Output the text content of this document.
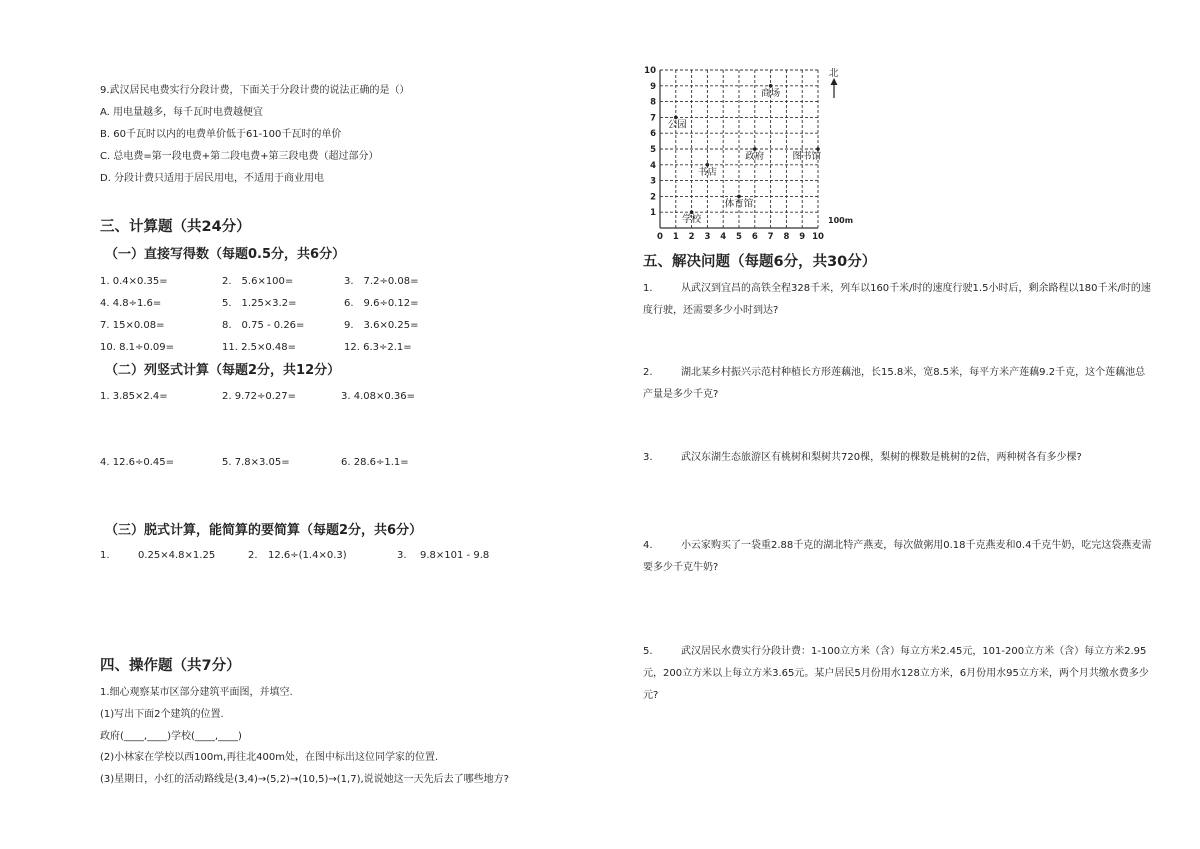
9.武汉居民电费实行分段计费，下面关于分段计费的说法正确的是（）
A. 用电量越多，每千瓦时电费越便宜
B. 60千瓦时以内的电费单价低于61-100千瓦时的单价
C. 总电费=第一段电费+第二段电费+第三段电费（超过部分）
D. 分段计费只适用于居民用电，不适用于商业用电
三、计算题（共24分）
（一）直接写得数（每题0.5分，共6分）
1. 0.4×0.35=	2.　5.6×100=	3.　7.2÷0.08=
4. 4.8÷1.6=	5.　1.25×3.2=	6.　9.6÷0.12=
7. 15×0.08=	8.　0.75 - 0.26=	9.　3.6×0.25=
10. 8.1÷0.09=	11. 2.5×0.48=	12. 6.3÷2.1=
（二）列竖式计算（每题2分，共12分）
1. 3.85×2.4=	2. 9.72÷0.27=	3. 4.08×0.36=
4. 12.6÷0.45=	5. 7.8×3.05=	6. 28.6÷1.1=
（三）脱式计算，能简算的要简算（每题2分，共6分）
1.	0.25×4.8×1.25	2. 12.6÷(1.4×0.3)	3. 9.8×101 - 9.8
四、操作题（共7分）
1.细心观察某市区部分建筑平面图，并填空.
(1)写出下面2个建筑的位置.
政府(____,____)学校(____,____)
(2)小林家在学校以西100m,再往北400m处，在图中标出这位同学家的位置.
(3)星期日，小红的活动路线是(3,4)→(5,2)→(10,5)→(1,7),说说她这一天先后去了哪些地方?
0 1
1
2
2
3
3
4
4
5
5
6
6
7
7
8
8
9
9
10
10
商场
公园
政府	图书馆
书店
体育馆
学校
北
100m
五、解决问题（每题6分，共30分）
1.	从武汉到宜昌的高铁全程328千米，列车以160千米/时的速度行驶1.5小时后，剩余路程以180千米/时的速度行驶，还需要多少小时到达?
2.	湖北某乡村振兴示范村种植长方形莲藕池，长15.8米，宽8.5米，每平方米产莲藕9.2千克，这个莲藕池总产量是多少千克?
3.	武汉东湖生态旅游区有桃树和梨树共720棵，梨树的棵数是桃树的2倍，两种树各有多少棵?
4.	小云家购买了一袋重2.88千克的湖北特产燕麦，每次做粥用0.18千克燕麦和0.4千克牛奶，吃完这袋燕麦需要多少千克牛奶?
5.	武汉居民水费实行分段计费：1-100立方米（含）每立方米2.45元，101-200立方米（含）每立方米2.95元，200立方米以上每立方米3.65元。某户居民5月份用水128立方米，6月份用水95立方米，两个月共缴水费多少元?
